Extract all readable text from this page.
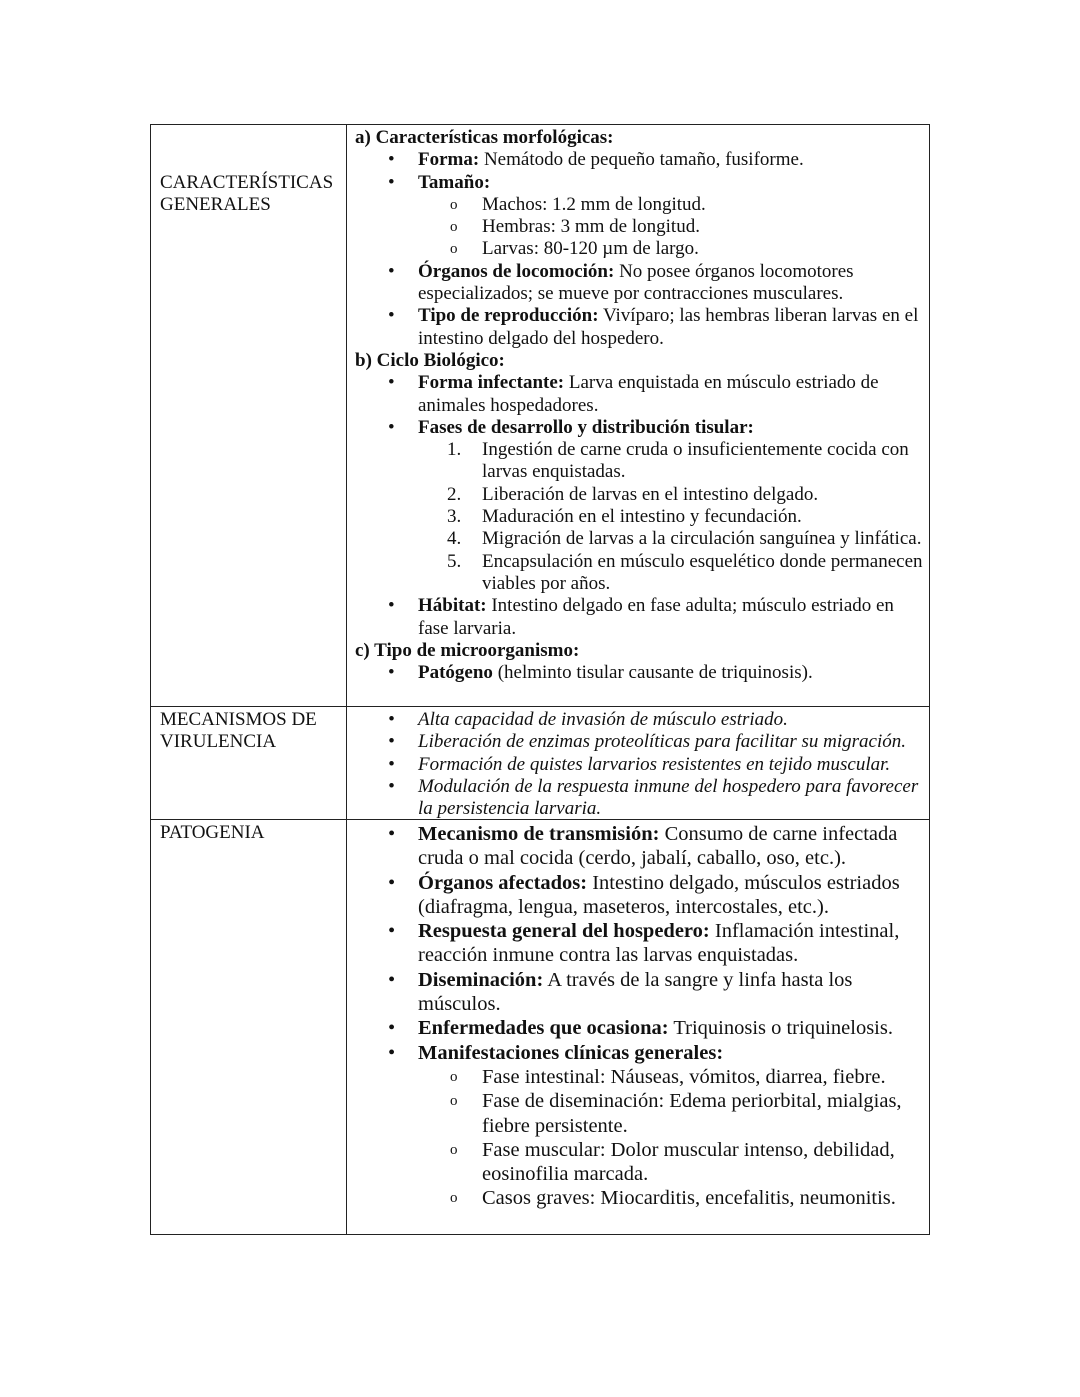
CARACTERÍSTICAS
GENERALES
a) Características morfológicas:
• Forma: Nemátodo de pequeño tamaño, fusiforme.
• Tamaño:
o Machos: 1.2 mm de longitud.
o Hembras: 3 mm de longitud.
o Larvas: 80-120 µm de largo.
• Órganos de locomoción: No posee órganos locomotores especializados; se mueve por contracciones musculares.
• Tipo de reproducción: Vivíparo; las hembras liberan larvas en el intestino delgado del hospedero.
b) Ciclo Biológico:
• Forma infectante: Larva enquistada en músculo estriado de animales hospedadores.
• Fases de desarrollo y distribución tisular:
1. Ingestión de carne cruda o insuficientemente cocida con larvas enquistadas.
2. Liberación de larvas en el intestino delgado.
3. Maduración en el intestino y fecundación.
4. Migración de larvas a la circulación sanguínea y linfática.
5. Encapsulación en músculo esquelético donde permanecen viables por años.
• Hábitat: Intestino delgado en fase adulta; músculo estriado en fase larvaria.
c) Tipo de microorganismo:
• Patógeno (helminto tisular causante de triquinosis).
MECANISMOS DE
VIRULENCIA
• Alta capacidad de invasión de músculo estriado.
• Liberación de enzimas proteolíticas para facilitar su migración.
• Formación de quistes larvarios resistentes en tejido muscular.
• Modulación de la respuesta inmune del hospedero para favorecer la persistencia larvaria.
PATOGENIA	• Mecanismo de transmisión: Consumo de carne infectada cruda o mal cocida (cerdo, jabalí, caballo, oso, etc.).
• Órganos afectados: Intestino delgado, músculos estriados (diafragma, lengua, maseteros, intercostales, etc.).
• Respuesta general del hospedero: Inflamación intestinal, reacción inmune contra las larvas enquistadas.
• Diseminación: A través de la sangre y linfa hasta los músculos.
• Enfermedades que ocasiona: Triquinosis o triquinelosis.
• Manifestaciones clínicas generales:
o Fase intestinal: Náuseas, vómitos, diarrea, fiebre.
o Fase de diseminación: Edema periorbital, mialgias, fiebre persistente.
o Fase muscular: Dolor muscular intenso, debilidad, eosinofilia marcada.
o Casos graves: Miocarditis, encefalitis, neumonitis.
